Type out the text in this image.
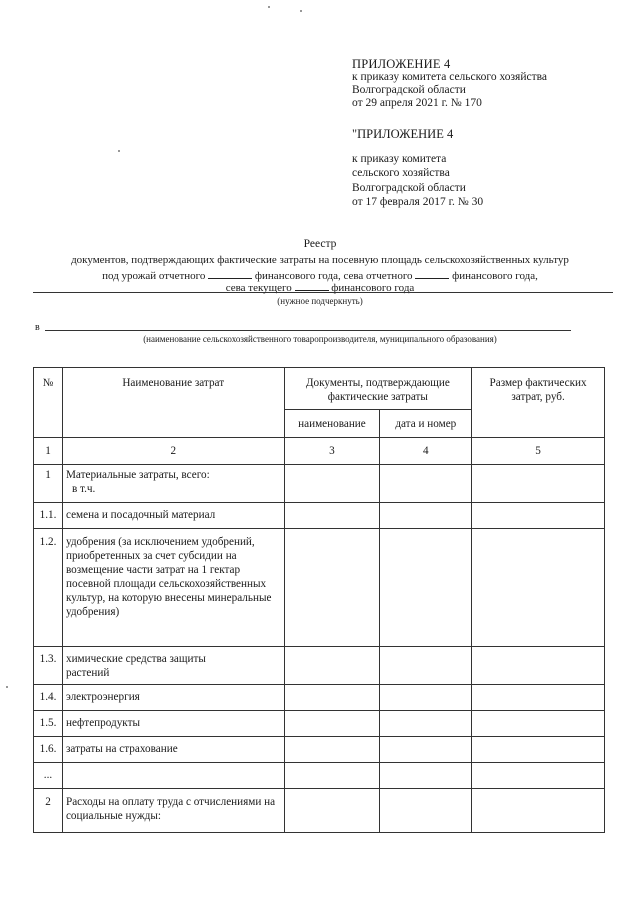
ПРИЛОЖЕНИЕ 4
к приказу комитета сельского хозяйства
Волгоградской области
от 29 апреля 2021 г. № 170
"ПРИЛОЖЕНИЕ 4
к приказу комитета
сельского хозяйства
Волгоградской области
от 17 февраля 2017 г. № 30
Реестр
документов, подтверждающих фактические затраты на посевную площадь сельскохозяйственных культур
под урожай отчетного	финансового года, сева отчетного	финансового года,
сева текущего	финансового года
(нужное подчеркнуть)
в
(наименование сельскохозяйственного товаропроизводителя, муниципального образования)
№	Наименование затрат	Документы, подтверждающие фактические затраты		Размер фактических затрат, руб.
		наименование	дата и номер	
1	2	3	4	5
1	Материальные затраты, всего:
в т.ч.			

1.1.	семена и посадочный материал			
1.2.	удобрения (за исключением удобрений, приобретенных за счет субсидии на возмещение части затрат на 1 гектар посевной площади сельскохозяйственных культур, на которую внесены минеральные удобрения)			
1.3.	химические средства защиты растений			
1.4.	электроэнергия			
1.5.	нефтепродукты			
1.6.	затраты на страхование			
...				
2	Расходы на оплату труда с отчислениями на социальные нужды:			
